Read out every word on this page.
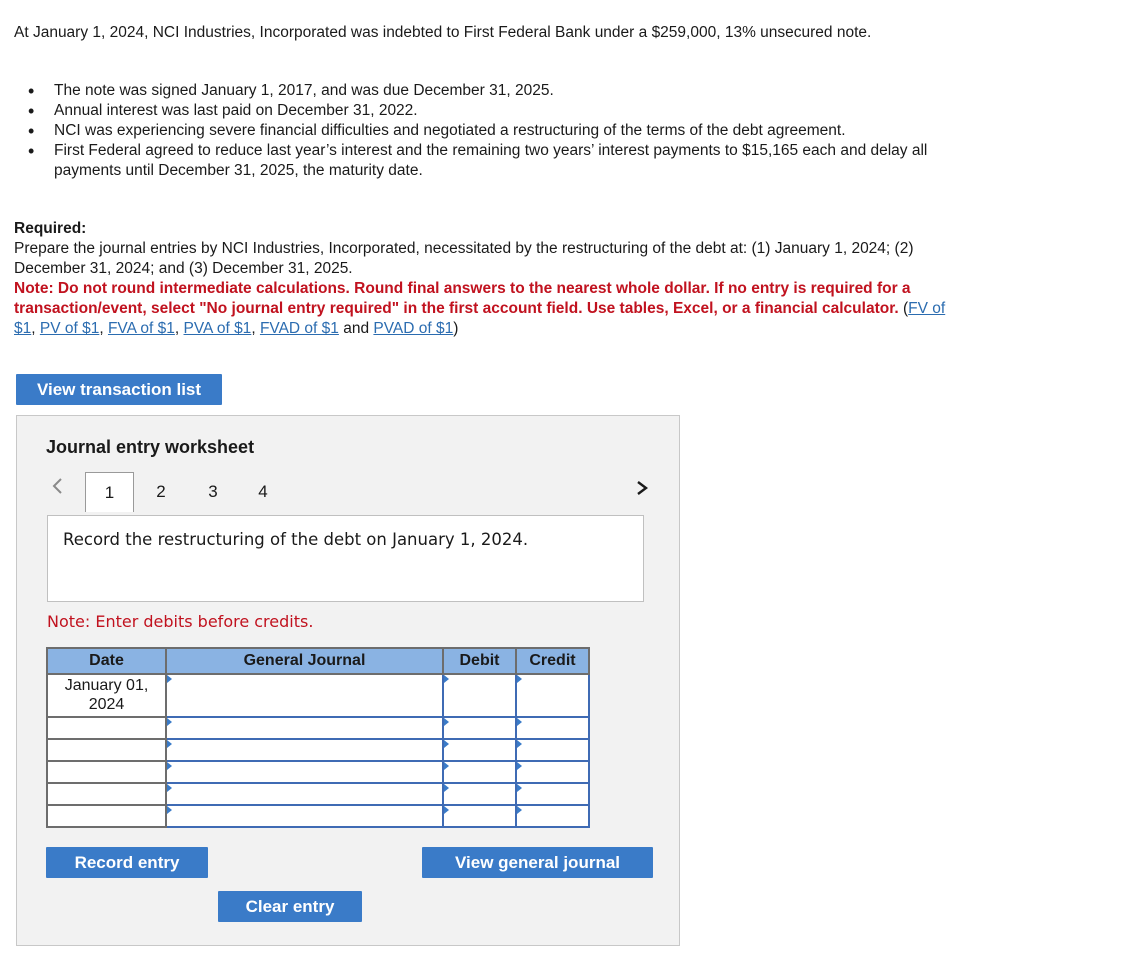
At January 1, 2024, NCI Industries, Incorporated was indebted to First Federal Bank under a $259,000, 13% unsecured note.

• The note was signed January 1, 2017, and was due December 31, 2025.
• Annual interest was last paid on December 31, 2022.
• NCI was experiencing severe financial difficulties and negotiated a restructuring of the terms of the debt agreement.
• First Federal agreed to reduce last year’s interest and the remaining two years’ interest payments to $15,165 each and delay all payments until December 31, 2025, the maturity date.
Required:
Prepare the journal entries by NCI Industries, Incorporated, necessitated by the restructuring of the debt at: (1) January 1, 2024; (2) December 31, 2024; and (3) December 31, 2025.
Note: Do not round intermediate calculations. Round final answers to the nearest whole dollar. If no entry is required for a transaction/event, select "No journal entry required" in the first account field. Use tables, Excel, or a financial calculator. (FV of $1, PV of $1, FVA of $1, PVA of $1, FVAD of $1 and PVAD of $1)
View transaction list
Journal entry worksheet
1	2	3	4
Record the restructuring of the debt on January 1, 2024.
Note: Enter debits before credits.
Date	General Journal	Debit	Credit
January 01, 2024			

Record entry	View general journal
Clear entry
